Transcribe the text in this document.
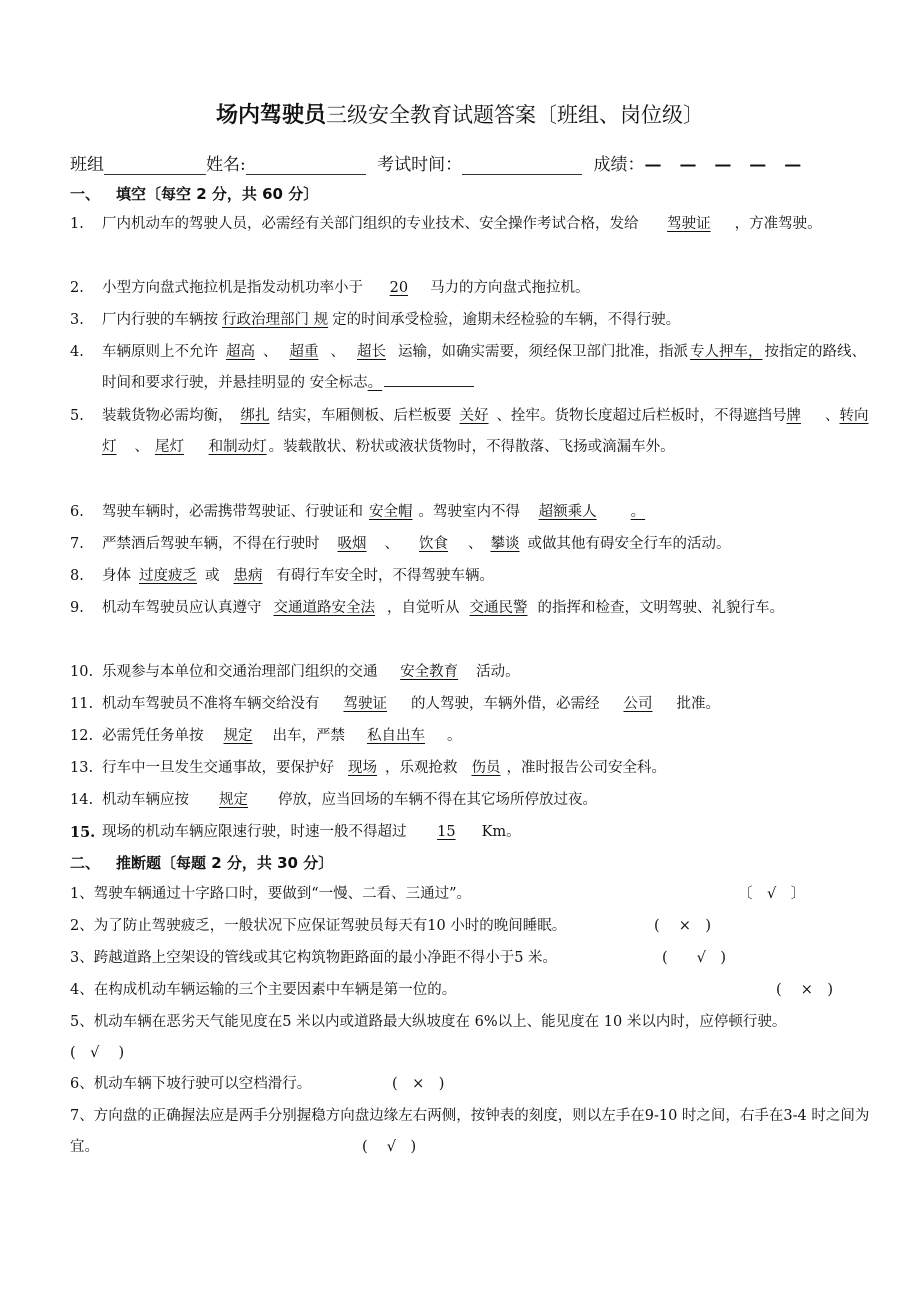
场内驾驶员三级安全教育试题答案〔班组、岗位级〕
班组	姓名:	考试时间：	成绩：— — — — —
一、 填空〔每空 2 分，共 60 分〕
1. 厂内机动车的驾驶人员，必需经有关部门组织的专业技术、安全操作考试合格，发给 驾驶证 ，方准驾驶。
2. 小型方向盘式拖拉机是指发动机功率小于 20 马力的方向盘式拖拉机。
3. 厂内行驶的车辆按 行政治理部门 规 定的时间承受检验，逾期未经检验的车辆，不得行驶。
4. 车辆原则上不允许 超高 、 超重 、 超长 运输，如确实需要，须经保卫部门批准，指派 专人押车， 按指定的路线、时间和要求行驶，并悬挂明显的 安全标志。
5. 装载货物必需均衡， 绑扎 结实，车厢侧板、后栏板要 关好 、拴牢。货物长度超过后栏板时，不得遮挡号牌 、转向灯 、 尾灯 和制动灯 。装载散状、粉状或液状货物时，不得散落、飞扬或滴漏车外。
6. 驾驶车辆时，必需携带驾驶证、行驶证和 安全帽 。驾驶室内不得 超额乘人 。
7. 严禁酒后驾驶车辆，不得在行驶时 吸烟 、 饮食 、 攀谈 或做其他有碍安全行车的活动。
8. 身体 过度疲乏 或 患病 有碍行车安全时，不得驾驶车辆。
9. 机动车驾驶员应认真遵守 交通道路安全法 ，自觉听从 交通民警 的指挥和检查，文明驾驶、礼貌行车。
10. 乐观参与本单位和交通治理部门组织的交通 安全教育 活动。
11. 机动车驾驶员不准将车辆交给没有 驾驶证 的人驾驶，车辆外借，必需经 公司 批准。
12. 必需凭任务单按 规定 出车，严禁 私自出车 。
13. 行车中一旦发生交通事故，要保护好 现场 ，乐观抢救 伤员 ，准时报告公司安全科。
14. 机动车辆应按 规定 停放，应当回场的车辆不得在其它场所停放过夜。
15. 现场的机动车辆应限速行驶，时速一般不得超过 15 Km。
二、 推断题〔每题 2 分，共 30 分〕
1、驾驶车辆通过十字路口时，要做到“一慢、二看、三通过”。	〔　√　〕
2、为了防止驾驶疲乏，一般状况下应保证驾驶员每天有10 小时的晚间睡眠。	(　 ×　)
3、跨越道路上空架设的管线或其它构筑物距路面的最小净距不得小于5 米。	(　　√　)
4、在构成机动车辆运输的三个主要因素中车辆是第一位的。	(　 ×　)
5、机动车辆在恶劣天气能见度在5 米以内或道路最大纵坡度在 6%以上、能见度在 10 米以内时，应停顿行驶。
(　√　 )
6、机动车辆下坡行驶可以空档滑行。	(　×　)
7、方向盘的正确握法应是两手分别握稳方向盘边缘左右两侧，按钟表的刻度，则以左手在9-10 时之间，右手在3-4 时之间为宜。	(　 √　)
